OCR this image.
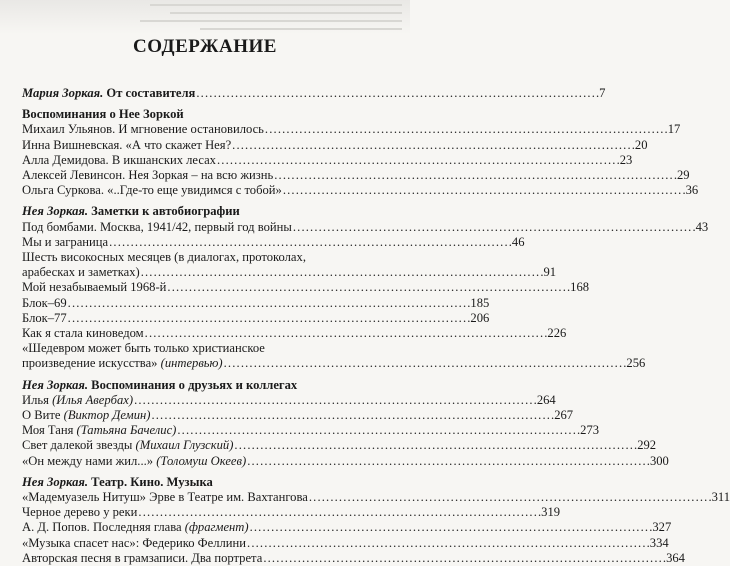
СОДЕРЖАНИЕ
Мария Зоркая. От составителя . . .	7
Воспоминания о Нее Зоркой
Михаил Ульянов. И мгновение остановилось . . .	17
Инна Вишневская. «А что скажет Нея? . . .	20
Алла Демидова. В икшанских лесах . . .	23
Алексей Левинсон. Нея Зоркая – на всю жизнь . . .	29
Ольга Суркова. «..Где-то еще увидимся с тобой» . . .	36
Нея Зоркая. Заметки к автобиографии
Под бомбами. Москва, 1941/42, первый год войны . . .	43
Мы и заграница . . .	46
Шесть високосных месяцев (в диалогах, протоколах,
арабесках и заметках) . . .	91
Мой незабываемый 1968-й . . .	168
Блок–69 . . .	185
Блок–77 . . .	206
Как я стала киноведом . . .	226
«Шедевром может быть только христианское
произведение искусства» (интервью) . . .	256
Нея Зоркая. Воспоминания о друзьях и коллегах
Илья (Илья Авербах) . . .	264
О Вите (Виктор Демин) . . .	267
Моя Таня (Татьяна Бачелис) . . .	273
Свет далекой звезды (Михаил Глузский) . . .	292
«Он между нами жил...» (Толомуш Океев) . . .	300
Нея Зоркая. Театр. Кино. Музыка
«Мадемуазель Нитуш» Эрве в Театре им. Вахтангова . . .	311
Черное дерево у реки . . .	319
А. Д. Попов. Последняя глава (фрагмент) . . .	327
«Музыка спасет нас»: Федерико Феллини . . .	334
Авторская песня в грамзаписи. Два портрета . . .	364
